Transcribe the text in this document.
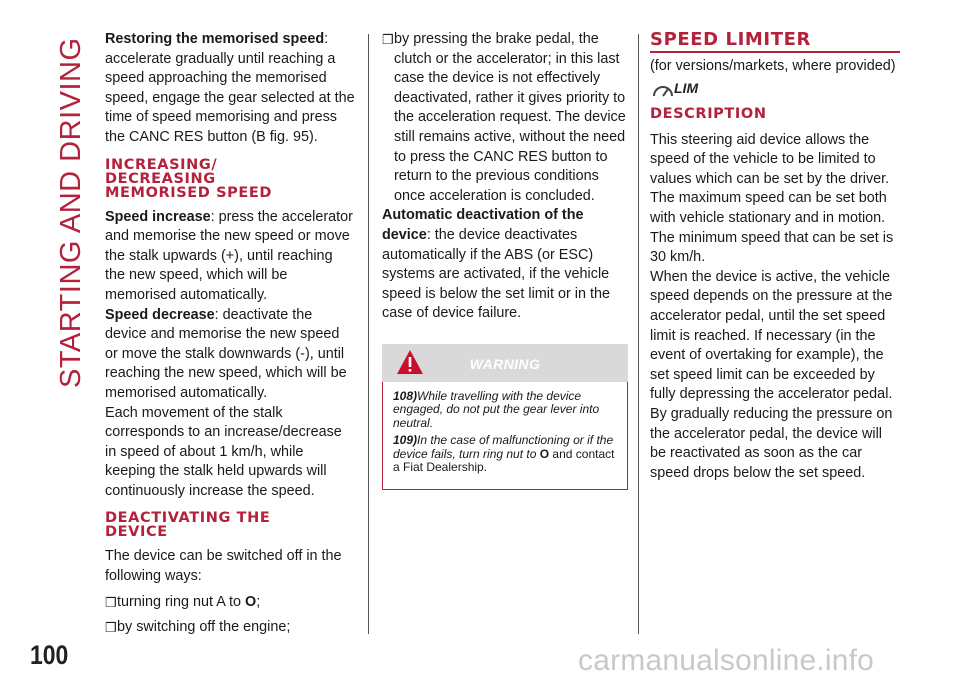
STARTING AND DRIVING Restoring the memorised speed: accelerate gradually until reaching a speed approaching the memorised speed, engage the gear selected at the time of speed memorising and press the CANC RES button (B fig. 95).

INCREASING/ DECREASING MEMORISED SPEED

Speed increase: press the accelerator and memorise the new speed or move the stalk upwards (+), until reaching the new speed, which will be memorised automatically.

Speed decrease: deactivate the device and memorise the new speed or move the stalk downwards (-), until reaching the new speed, which will be memorised automatically.

Each movement of the stalk corresponds to an increase/decrease in speed of about 1 km/h, while keeping the stalk held upwards will continuously increase the speed.

DEACTIVATING THE DEVICE

The device can be switched off in the following ways:

❒ turning ring nut A to O;
❒ by switching off the engine;
❒ by pressing the brake pedal, the clutch or the accelerator; in this last case the device is not effectively deactivated, rather it gives priority to the acceleration request. The device still remains active, without the need to press the CANC RES button to return to the previous conditions once acceleration is concluded.

Automatic deactivation of the device: the device deactivates automatically if the ABS (or ESC) systems are activated, if the vehicle speed is below the set limit or in the case of device failure.

WARNING

108)While travelling with the device engaged, do not put the gear lever into neutral.

109)In the case of malfunctioning or if the device fails, turn ring nut to O and contact a Fiat Dealership.

SPEED LIMITER

(for versions/markets, where provided)

LIM
DESCRIPTION

This steering aid device allows the speed of the vehicle to be limited to values which can be set by the driver. The maximum speed can be set both with vehicle stationary and in motion. The minimum speed that can be set is 30 km/h.

When the device is active, the vehicle speed depends on the pressure at the accelerator pedal, until the set speed limit is reached. If necessary (in the event of overtaking for example), the set speed limit can be exceeded by fully depressing the accelerator pedal. By gradually reducing the pressure on the accelerator pedal, the device will be reactivated as soon as the car speed drops below the set speed.

100	carmanualsonline.info
